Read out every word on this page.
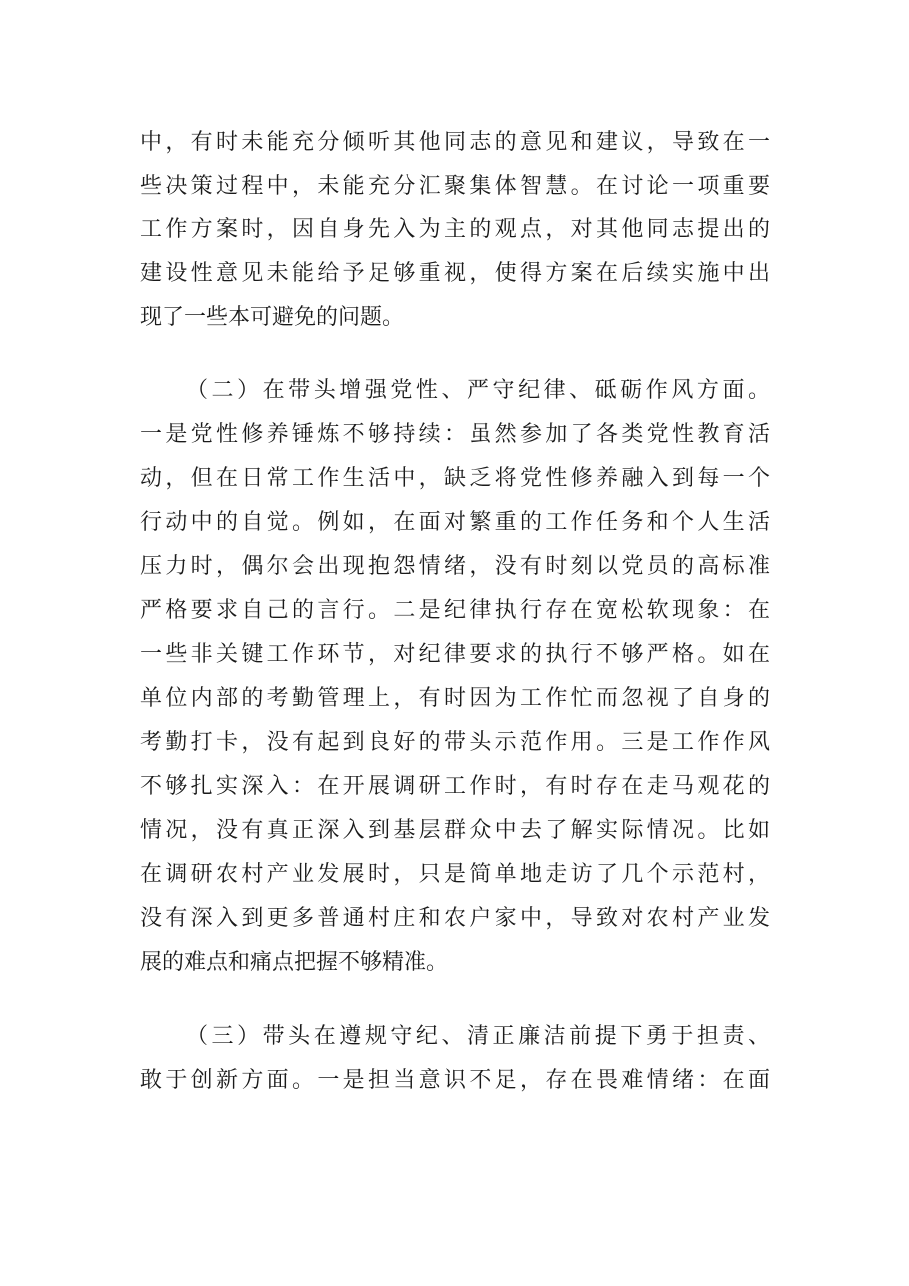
中，有时未能充分倾听其他同志的意见和建议，导致在一
些决策过程中，未能充分汇聚集体智慧。在讨论一项重要
工作方案时，因自身先入为主的观点，对其他同志提出的
建设性意见未能给予足够重视，使得方案在后续实施中出
现了一些本可避免的问题。
（二）在带头增强党性、严守纪律、砥砺作风方面。
一是党性修养锤炼不够持续：虽然参加了各类党性教育活
动，但在日常工作生活中，缺乏将党性修养融入到每一个
行动中的自觉。例如，在面对繁重的工作任务和个人生活
压力时，偶尔会出现抱怨情绪，没有时刻以党员的高标准
严格要求自己的言行。二是纪律执行存在宽松软现象：在
一些非关键工作环节，对纪律要求的执行不够严格。如在
单位内部的考勤管理上，有时因为工作忙而忽视了自身的
考勤打卡，没有起到良好的带头示范作用。三是工作作风
不够扎实深入：在开展调研工作时，有时存在走马观花的
情况，没有真正深入到基层群众中去了解实际情况。比如
在调研农村产业发展时，只是简单地走访了几个示范村，
没有深入到更多普通村庄和农户家中，导致对农村产业发
展的难点和痛点把握不够精准。
（三）带头在遵规守纪、清正廉洁前提下勇于担责、
敢于创新方面。一是担当意识不足，存在畏难情绪：在面
